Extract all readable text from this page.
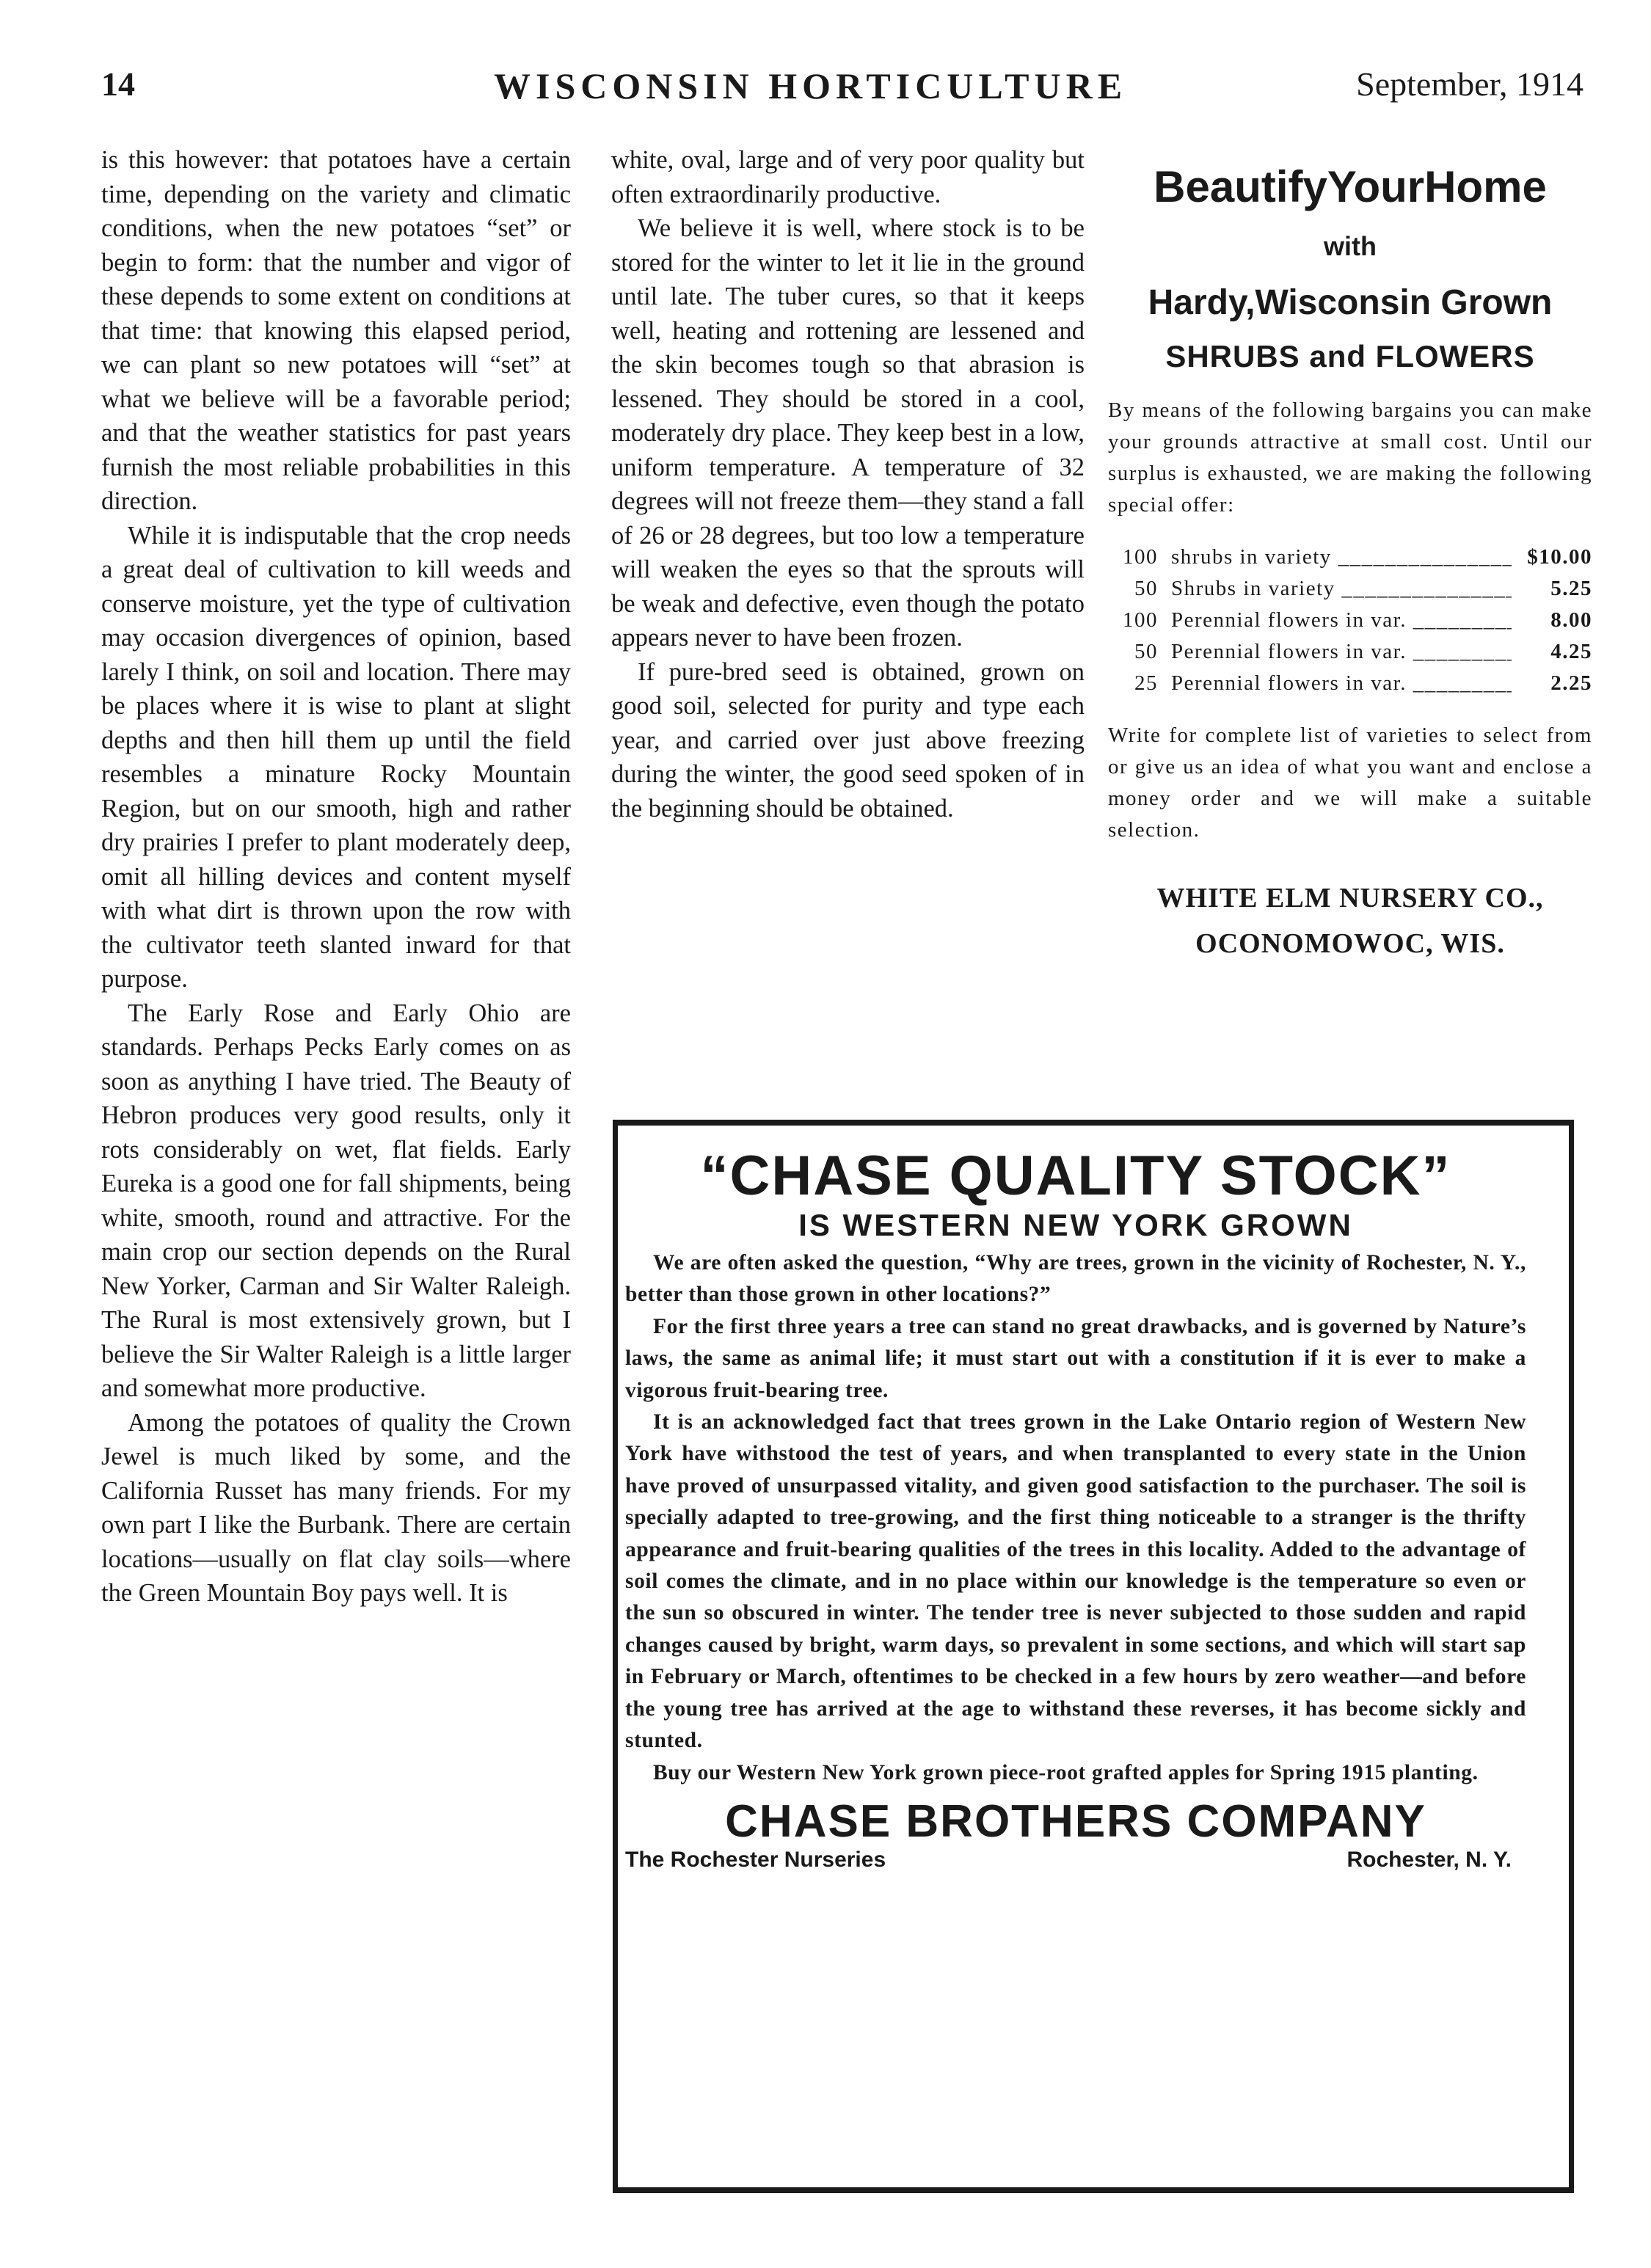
14	WISCONSIN HORTICULTURE	September, 1914

is this however: that potatoes have a certain time, depending on the variety and climatic conditions, when the new potatoes “set” or begin to form: that the number and vigor of these depends to some extent on conditions at that time: that knowing this elapsed period, we can plant so new potatoes will “set” at what we believe will be a favorable period; and that the weather statistics for past years furnish the most reliable probabilities in this direction.

While it is indisputable that the crop needs a great deal of cultivation to kill weeds and conserve moisture, yet the type of cultivation may occasion divergences of opinion, based larely I think, on soil and location. There may be places where it is wise to plant at slight depths and then hill them up until the field resembles a minature Rocky Mountain Region, but on our smooth, high and rather dry prairies I prefer to plant moderately deep, omit all hilling devices and content myself with what dirt is thrown upon the row with the cultivator teeth slanted inward for that purpose.

The Early Rose and Early Ohio are standards. Perhaps Pecks Early comes on as soon as anything I have tried. The Beauty of Hebron produces very good results, only it rots considerably on wet, flat fields. Early Eureka is a good one for fall shipments, being white, smooth, round and attractive. For the main crop our section depends on the Rural New Yorker, Carman and Sir Walter Raleigh. The Rural is most extensively grown, but I believe the Sir Walter Raleigh is a little larger and somewhat more productive.

Among the potatoes of quality the Crown Jewel is much liked by some, and the California Russet has many friends. For my own part I like the Burbank. There are certain locations—usually on flat clay soils—where the Green Mountain Boy pays well. It is

white, oval, large and of very poor quality but often extraordinarily productive.

We believe it is well, where stock is to be stored for the winter to let it lie in the ground until late. The tuber cures, so that it keeps well, heating and rottening are lessened and the skin becomes tough so that abrasion is lessened. They should be stored in a cool, moderately dry place. They keep best in a low, uniform temperature. A temperature of 32 degrees will not freeze them—they stand a fall of 26 or 28 degrees, but too low a temperature will weaken the eyes so that the sprouts will be weak and defective, even though the potato appears never to have been frozen.

If pure-bred seed is obtained, grown on good soil, selected for purity and type each year, and carried over just above freezing during the winter, the good seed spoken of in the beginning should be obtained.

BeautifyYourHome
with
Hardy,Wisconsin Grown
SHRUBS and FLOWERS
By means of the following bargains you can make your grounds attractive at small cost. Until our surplus is exhausted, we are making the following special offer:
100 shrubs in variety _____	$10.00
50 Shrubs in variety _____	5.25
100 Perennial flowers in var. _____	8.00
50 Perennial flowers in var. _____	4.25
25 Perennial flowers in var. _____	2.25
Write for complete list of varieties to select from or give us an idea of what you want and enclose a money order and we will make a suitable selection.
WHITE ELM NURSERY CO.,
OCONOMOWOC, WIS.
“CHASE QUALITY STOCK”
IS WESTERN NEW YORK GROWN

We are often asked the question, “Why are trees, grown in the vicinity of Rochester, N. Y., better than those grown in other locations?”

For the first three years a tree can stand no great drawbacks, and is governed by Nature’s laws, the same as animal life; it must start out with a constitution if it is ever to make a vigorous fruit-bearing tree.

It is an acknowledged fact that trees grown in the Lake Ontario region of Western New York have withstood the test of years, and when transplanted to every state in the Union have proved of unsurpassed vitality, and given good satisfaction to the purchaser. The soil is specially adapted to tree-growing, and the first thing noticeable to a stranger is the thrifty appearance and fruit-bearing qualities of the trees in this locality. Added to the advantage of soil comes the climate, and in no place within our knowledge is the temperature so even or the sun so obscured in winter. The tender tree is never subjected to those sudden and rapid changes caused by bright, warm days, so prevalent in some sections, and which will start sap in February or March, oftentimes to be checked in a few hours by zero weather—and before the young tree has arrived at the age to withstand these reverses, it has become sickly and stunted.

Buy our Western New York grown piece-root grafted apples for Spring 1915 planting.

CHASE BROTHERS COMPANY
The Rochester Nurseries	Rochester, N. Y.
